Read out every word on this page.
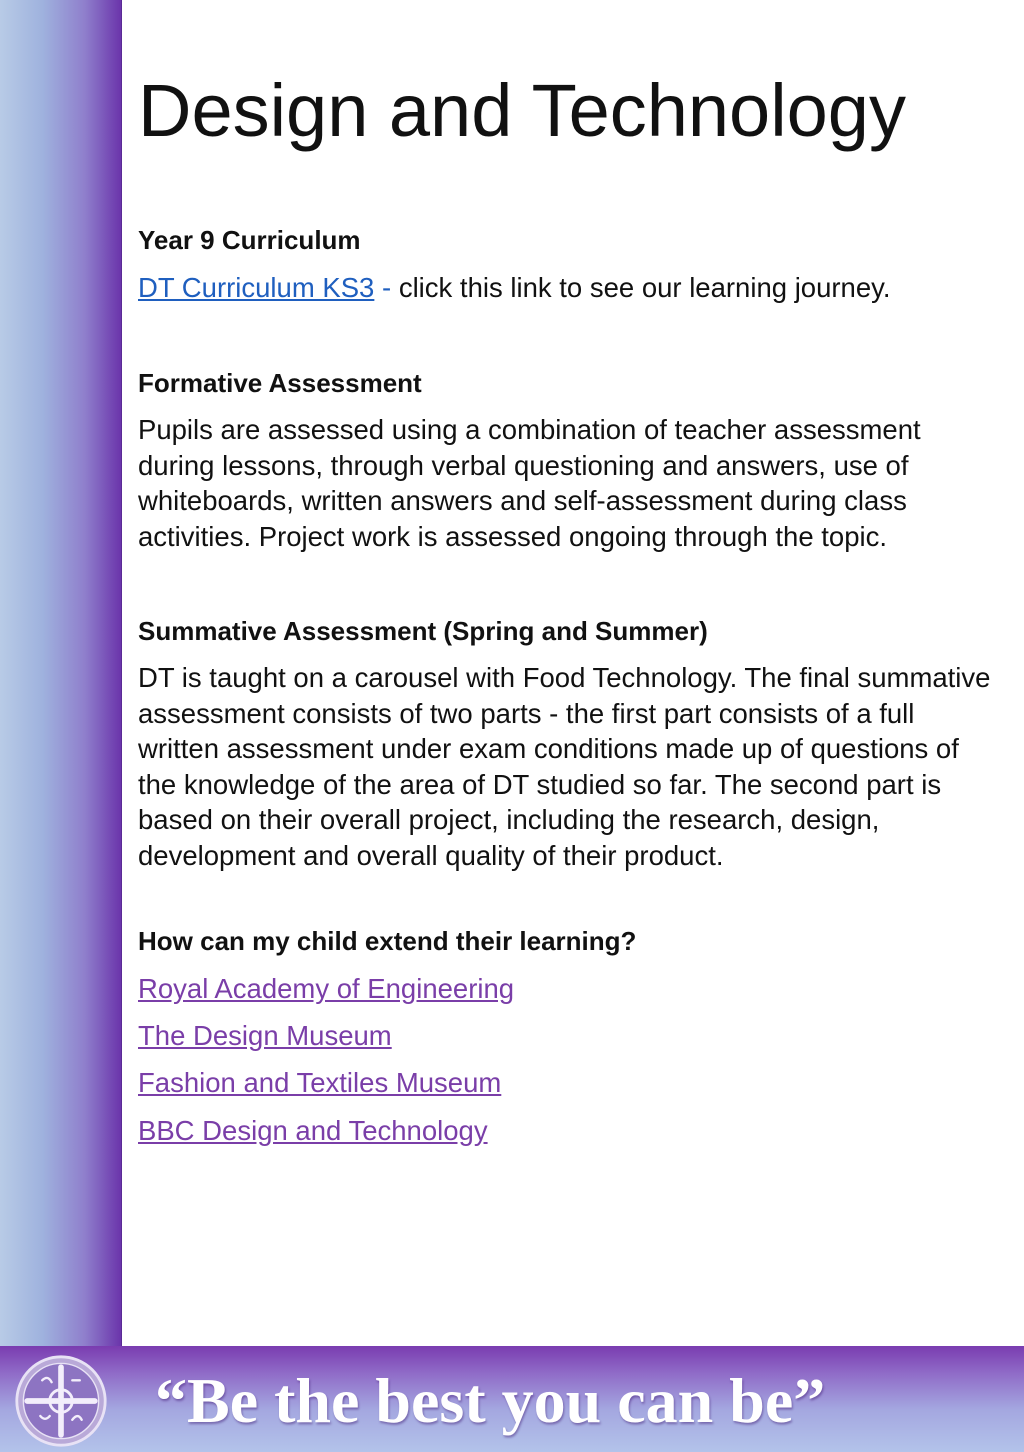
Design and Technology
Year 9 Curriculum

DT Curriculum KS3 - click this link to see our learning journey.

Formative Assessment

Pupils are assessed using a combination of teacher assessment during lessons, through verbal questioning and answers, use of whiteboards, written answers and self-assessment during class activities. Project work is assessed ongoing through the topic.

Summative Assessment (Spring and Summer)

DT is taught on a carousel with Food Technology. The final summative assessment consists of two parts - the first part consists of a full written assessment under exam conditions made up of questions of the knowledge of the area of DT studied so far. The second part is based on their overall project, including the research, design, development and overall quality of their product.

How can my child extend their learning?
Royal Academy of Engineering
The Design Museum
Fashion and Textiles Museum
BBC Design and Technology
“Be the best you can be”
